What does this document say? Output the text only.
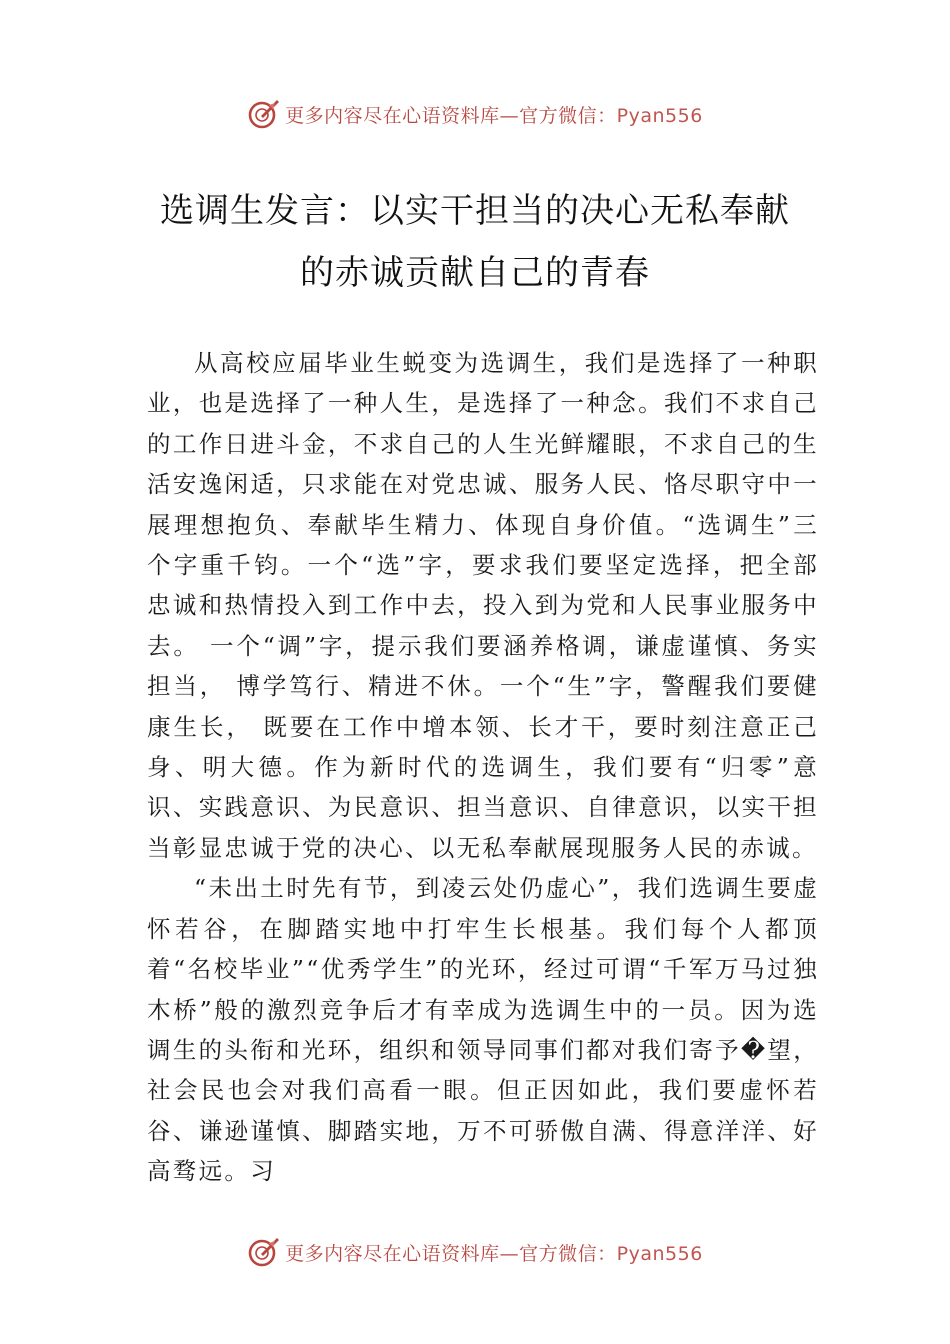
更多内容尽在心语资料库—官方微信：Pyan556
选调生发言：以实干担当的决心无私奉献
的赤诚贡献自己的青春

从高校应届毕业生蜕变为选调生，我们是选择了一种职业，也是选择了一种人生，是选择了一种念。我们不求自己的工作日进斗金，不求自己的人生光鲜耀眼，不求自己的生活安逸闲适，只求能在对党忠诚、服务人民、恪尽职守中一展理想抱负、奉献毕生精力、体现自身价值。“选调生”三个字重千钧。一个“选”字，要求我们要坚定选择，把全部忠诚和热情投入到工作中去，投入到为党和人民事业服务中去。 一个“调”字，提示我们要涵养格调，谦虚谨慎、务实担当， 博学笃行、精进不休。一个“生”字，警醒我们要健康生长， 既要在工作中增本领、长才干，要时刻注意正己身、明大德。作为新时代的选调生，我们要有“归零”意识、实践意识、为民意识、担当意识、自律意识，以实干担当彰显忠诚于党的决心、以无私奉献展现服务人民的赤诚。

“未出土时先有节，到凌云处仍虚心”，我们选调生要虚怀若谷，在脚踏实地中打牢生长根基。我们每个人都顶着“名校毕业”“优秀学生”的光环，经过可谓“千军万马过独木桥”般的激烈竞争后才有幸成为选调生中的一员。因为选调生的头衔和光环，组织和领导同事们都对我们寄予�望，社会民也会对我们高看一眼。但正因如此，我们要虚怀若谷、谦逊谨慎、脚踏实地，万不可骄傲自满、得意洋洋、好高骛远。习

更多内容尽在心语资料库—官方微信：Pyan556
